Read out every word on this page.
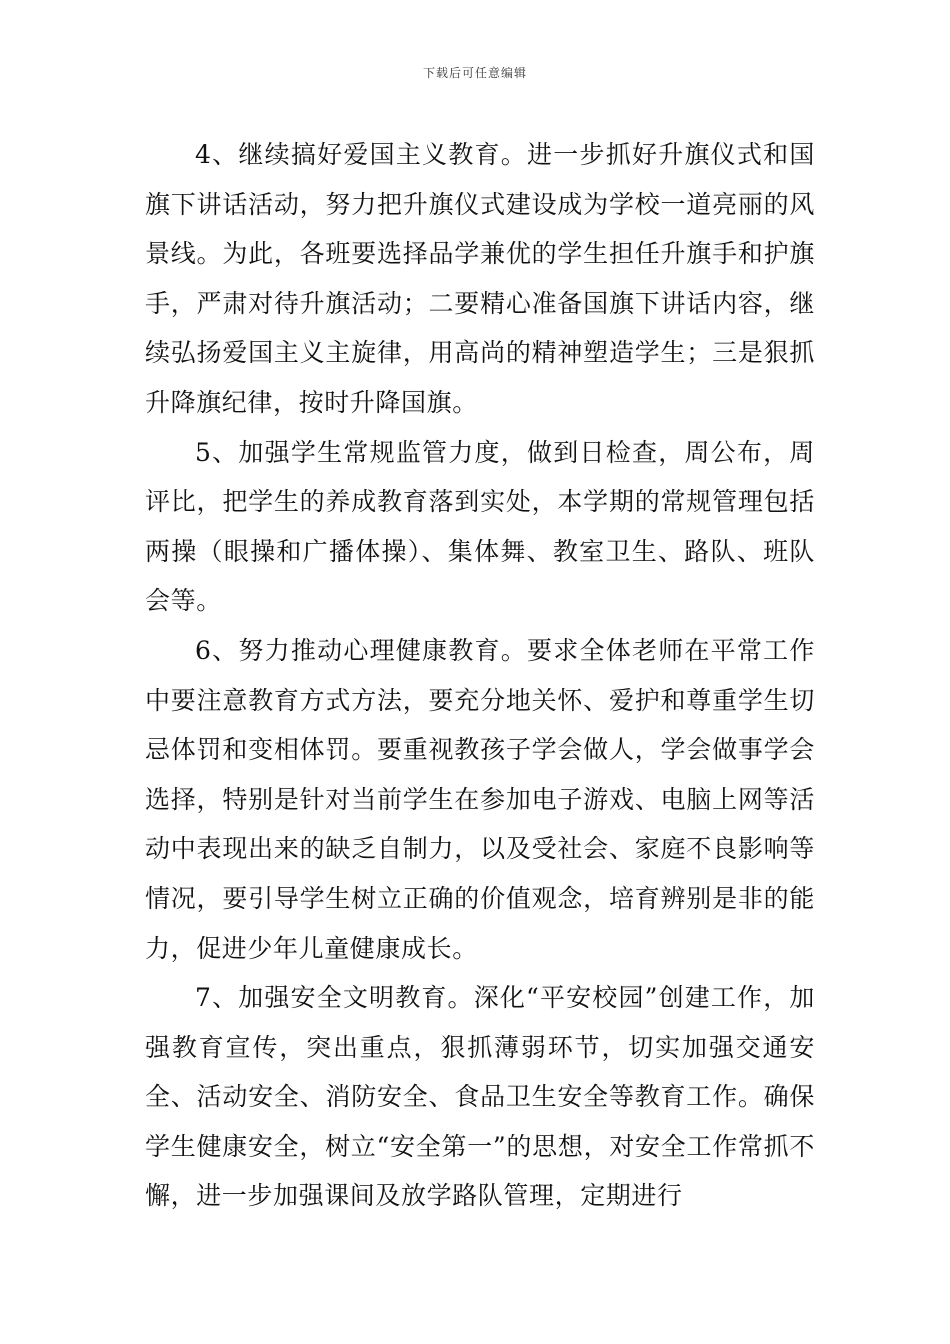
下载后可任意编辑

4、继续搞好爱国主义教育。进一步抓好升旗仪式和国旗下讲话活动，努力把升旗仪式建设成为学校一道亮丽的风景线。为此，各班要选择品学兼优的学生担任升旗手和护旗手，严肃对待升旗活动；二要精心准备国旗下讲话内容，继续弘扬爱国主义主旋律，用高尚的精神塑造学生；三是狠抓升降旗纪律，按时升降国旗。

5、加强学生常规监管力度，做到日检查，周公布，周评比，把学生的养成教育落到实处，本学期的常规管理包括两操（眼操和广播体操）、集体舞、教室卫生、路队、班队会等。

6、努力推动心理健康教育。要求全体老师在平常工作中要注意教育方式方法，要充分地关怀、爱护和尊重学生切忌体罚和变相体罚。要重视教孩子学会做人，学会做事学会选择，特别是针对当前学生在参加电子游戏、电脑上网等活动中表现出来的缺乏自制力，以及受社会、家庭不良影响等情况，要引导学生树立正确的价值观念，培育辨别是非的能力，促进少年儿童健康成长。

7、加强安全文明教育。深化“平安校园”创建工作，加强教育宣传，突出重点，狠抓薄弱环节，切实加强交通安全、活动安全、消防安全、食品卫生安全等教育工作。确保学生健康安全，树立“安全第一”的思想，对安全工作常抓不懈，进一步加强课间及放学路队管理，定期进行
